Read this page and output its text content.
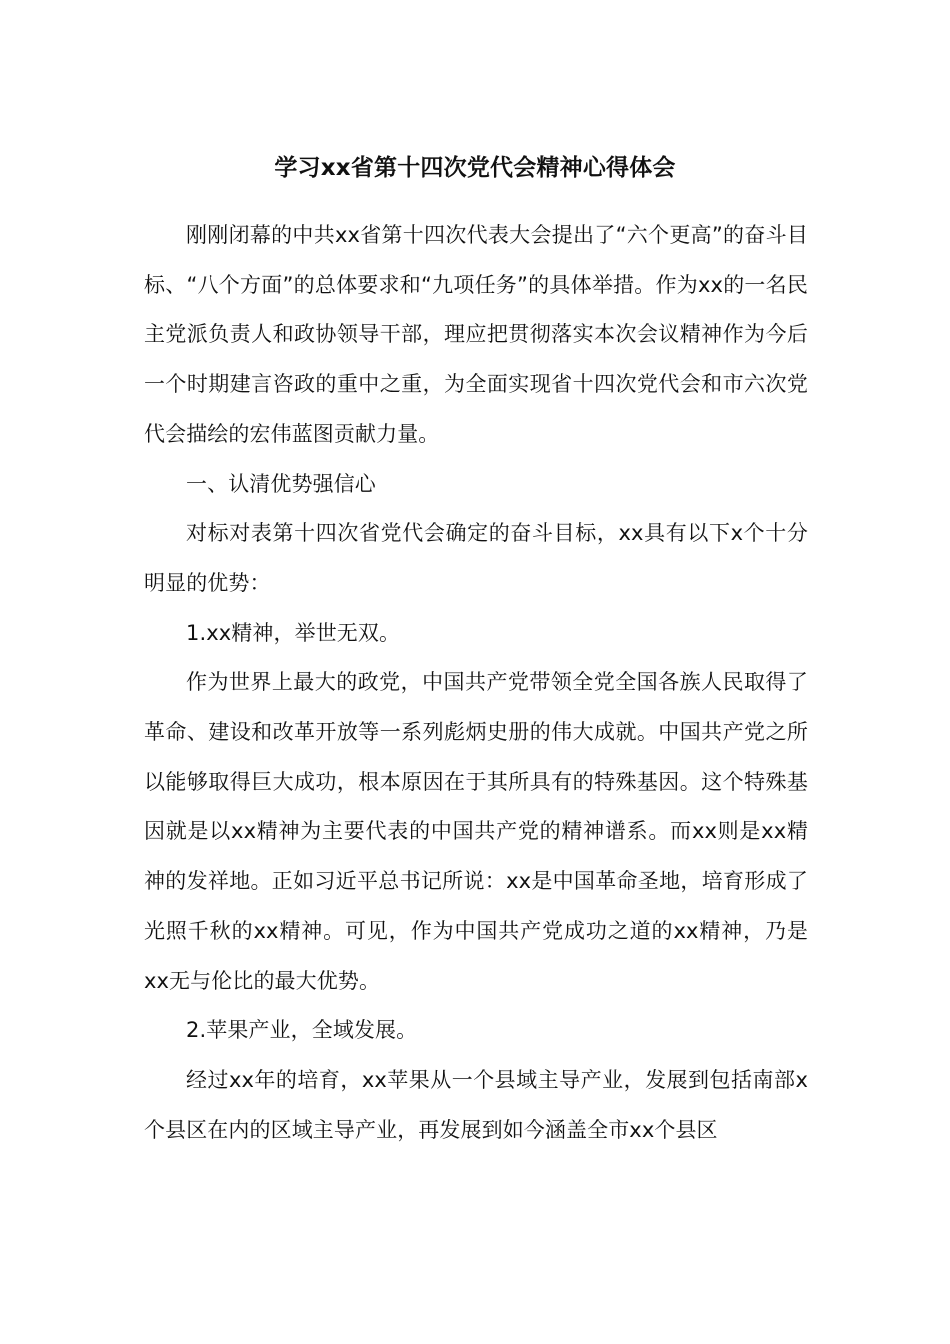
学习xx省第十四次党代会精神心得体会

刚刚闭幕的中共xx省第十四次代表大会提出了“六个更高”的奋斗目标、“八个方面”的总体要求和“九项任务”的具体举措。作为xx的一名民主党派负责人和政协领导干部，理应把贯彻落实本次会议精神作为今后一个时期建言咨政的重中之重，为全面实现省十四次党代会和市六次党代会描绘的宏伟蓝图贡献力量。

一、认清优势强信心

对标对表第十四次省党代会确定的奋斗目标，xx具有以下x个十分明显的优势：

1.xx精神，举世无双。

作为世界上最大的政党，中国共产党带领全党全国各族人民取得了革命、建设和改革开放等一系列彪炳史册的伟大成就。中国共产党之所以能够取得巨大成功，根本原因在于其所具有的特殊基因。这个特殊基因就是以xx精神为主要代表的中国共产党的精神谱系。而xx则是xx精神的发祥地。正如习近平总书记所说：xx是中国革命圣地，培育形成了光照千秋的xx精神。可见，作为中国共产党成功之道的xx精神，乃是xx无与伦比的最大优势。

2.苹果产业，全域发展。

经过xx年的培育，xx苹果从一个县域主导产业，发展到包括南部x个县区在内的区域主导产业，再发展到如今涵盖全市xx个县区
